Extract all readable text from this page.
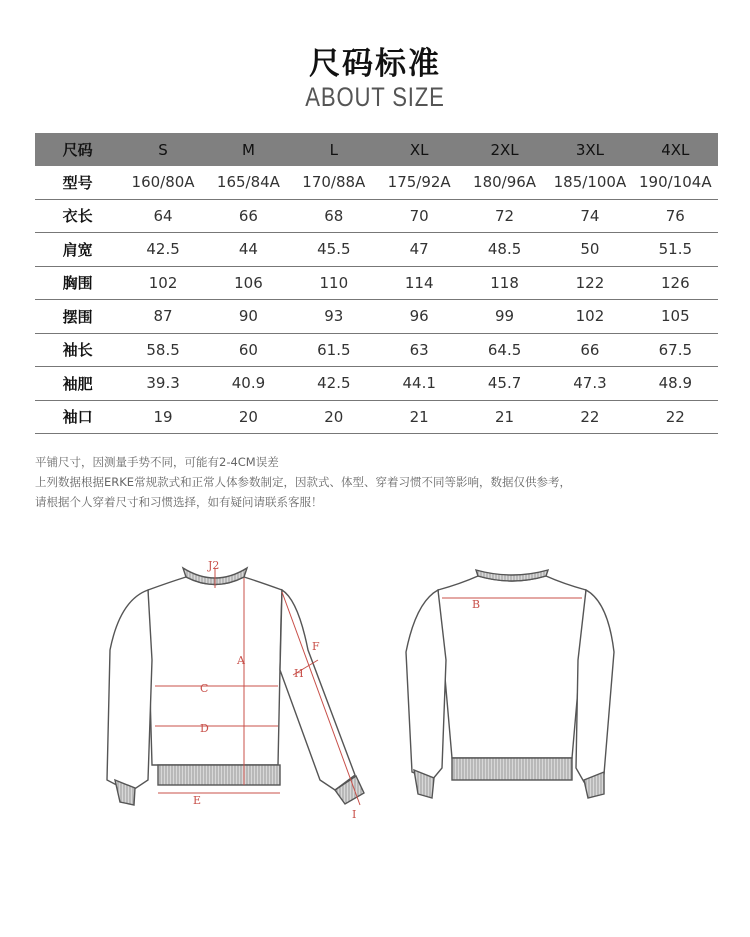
尺码标准
ABOUT SIZE
尺码	S	M	L	XL	2XL	3XL	4XL
型号	160/80A	165/84A	170/88A	175/92A	180/96A	185/100A	190/104A
衣长	64	66	68	70	72	74	76
肩宽	42.5	44	45.5	47	48.5	50	51.5
胸围	102	106	110	114	118	122	126
摆围	87	90	93	96	99	102	105
袖长	58.5	60	61.5	63	64.5	66	67.5
袖肥	39.3	40.9	42.5	44.1	45.7	47.3	48.9
袖口	19	20	20	21	21	22	22
平铺尺寸，因测量手势不同，可能有2-4CM误差
上列数据根据ERKE常规款式和正常人体参数制定，因款式、体型、穿着习惯不同等影响，数据仅供参考，
请根据个人穿着尺寸和习惯选择，如有疑问请联系客服！
A
C
D
E
F
H
I
J2
B
